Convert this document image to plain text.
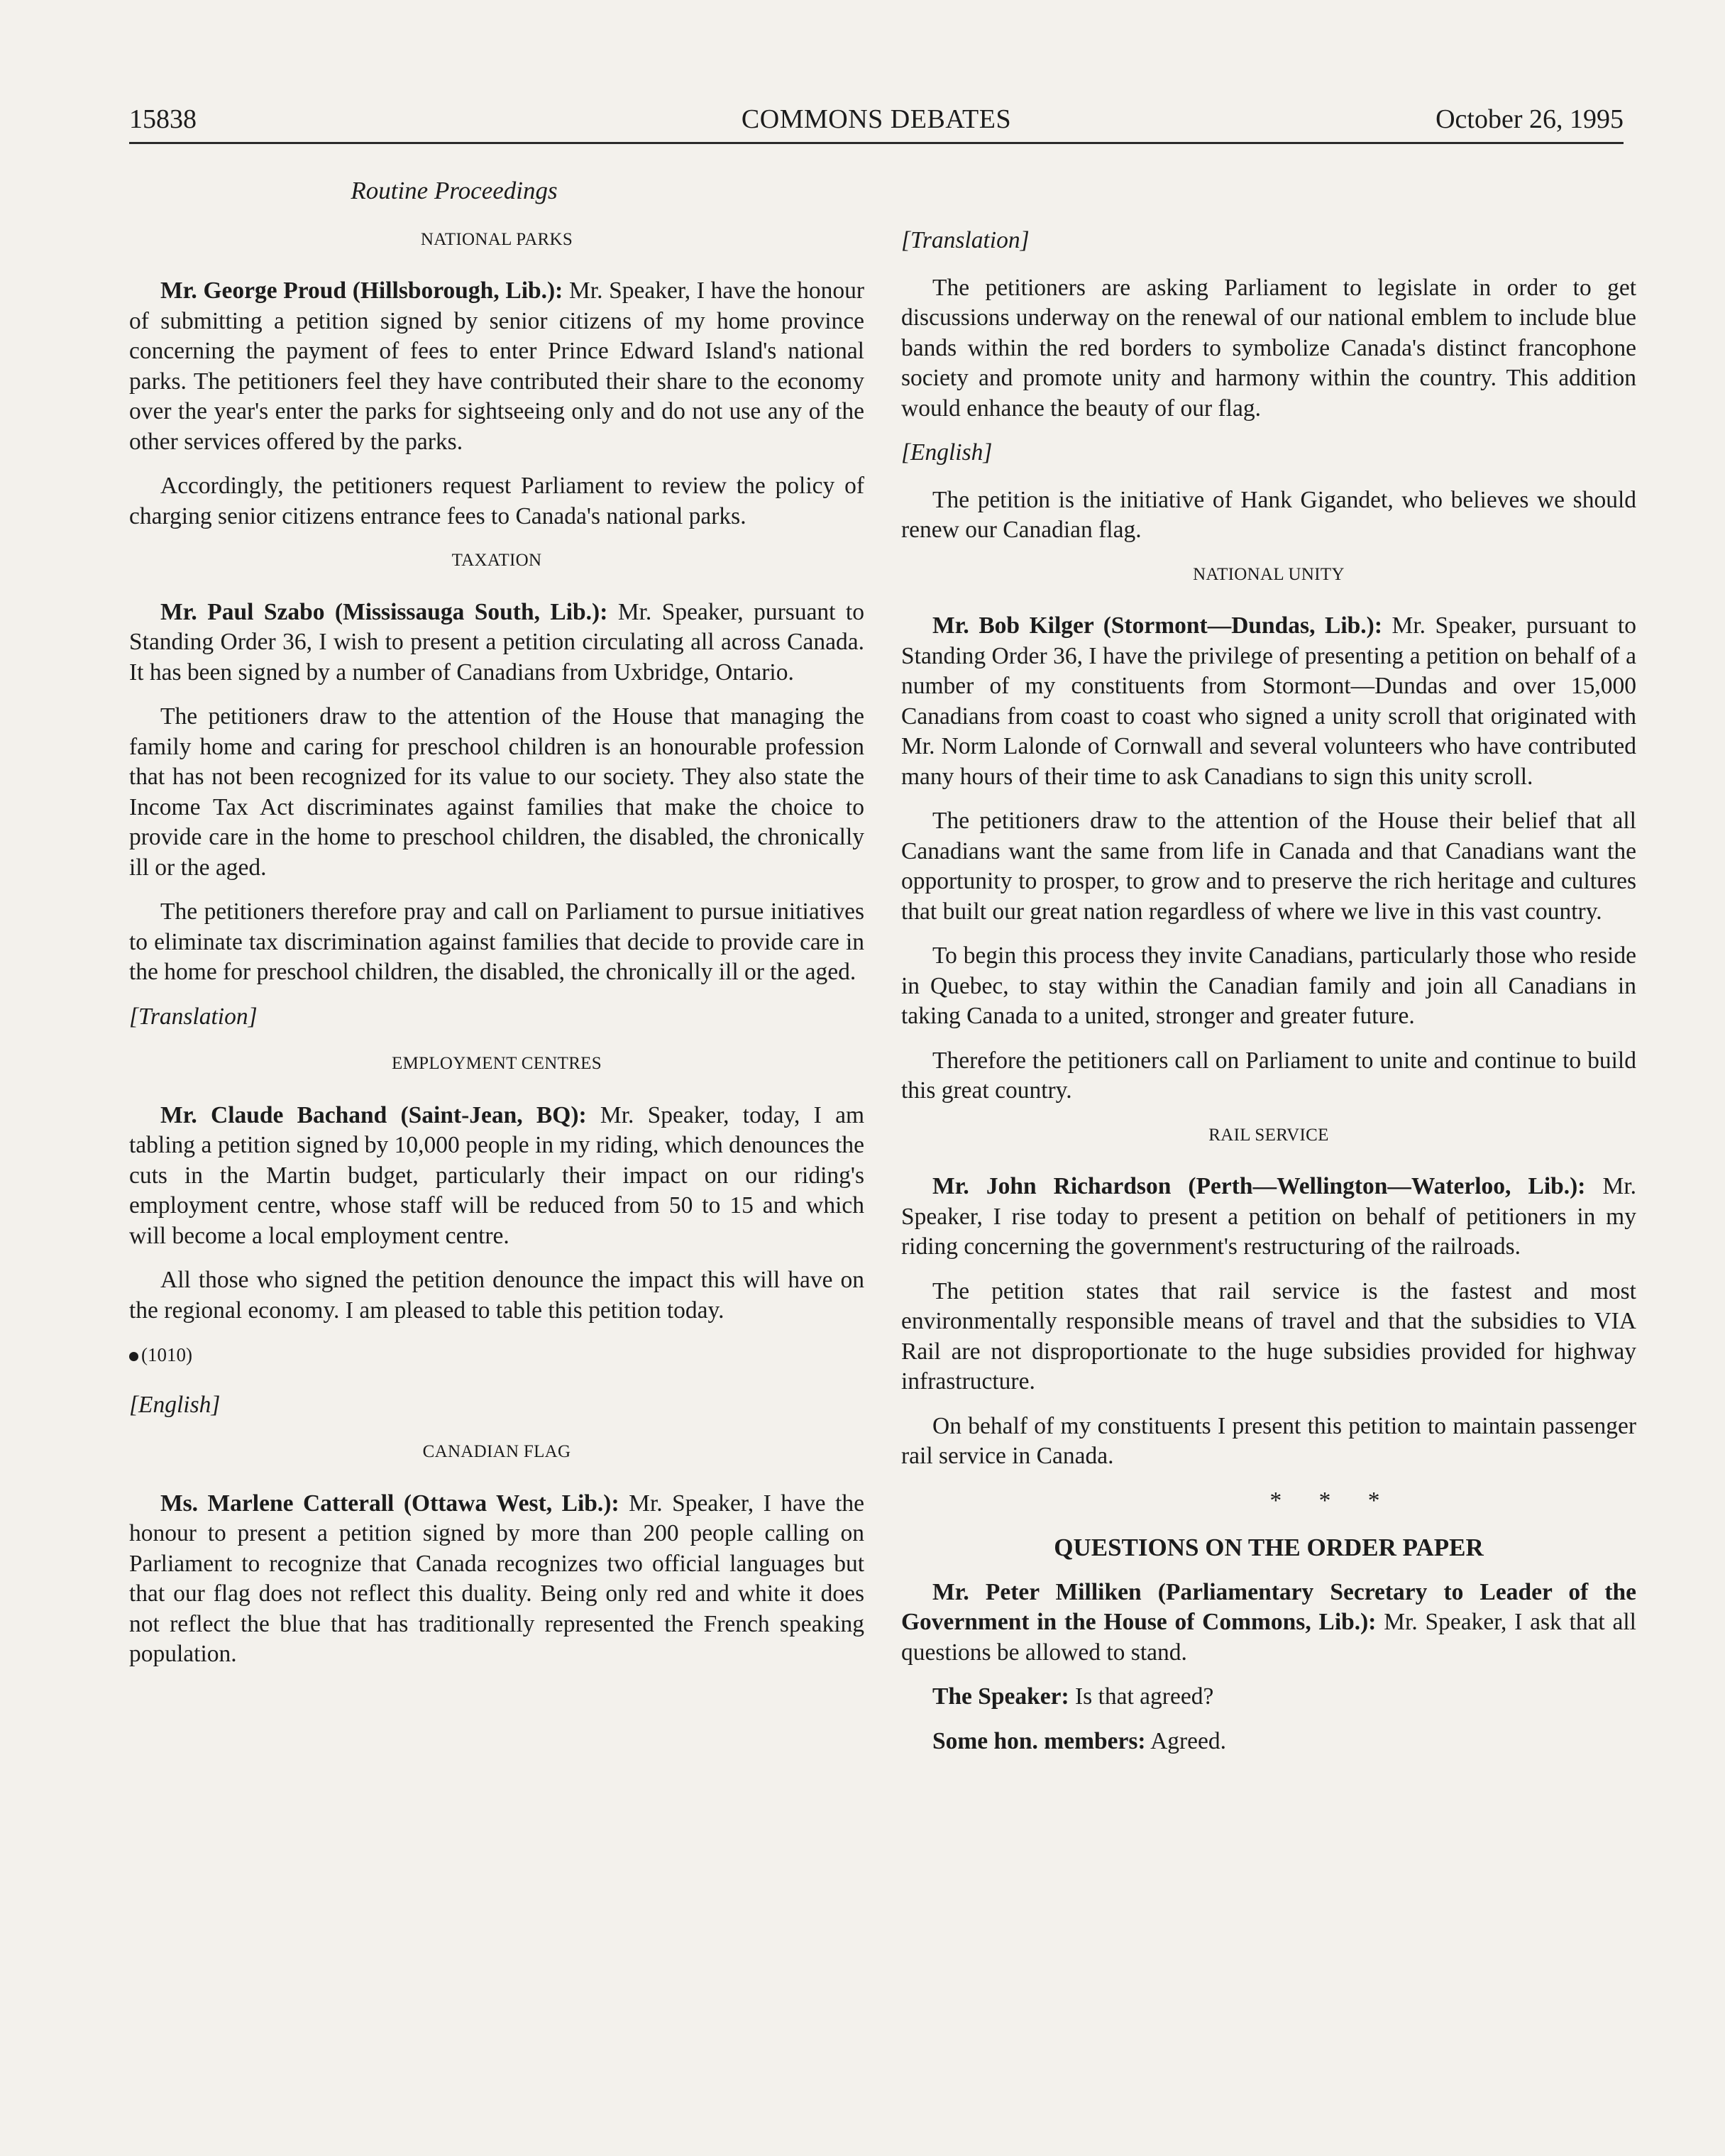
15838	COMMONS DEBATES	October 26, 1995
Routine Proceedings
NATIONAL PARKS

Mr. George Proud (Hillsborough, Lib.): Mr. Speaker, I have the honour of submitting a petition signed by senior citizens of my home province concerning the payment of fees to enter Prince Edward Island's national parks. The petitioners feel they have contributed their share to the economy over the year's enter the parks for sightseeing only and do not use any of the other services offered by the parks.

Accordingly, the petitioners request Parliament to review the policy of charging senior citizens entrance fees to Canada's national parks.

TAXATION

Mr. Paul Szabo (Mississauga South, Lib.): Mr. Speaker, pursuant to Standing Order 36, I wish to present a petition circulating all across Canada. It has been signed by a number of Canadians from Uxbridge, Ontario.

The petitioners draw to the attention of the House that managing the family home and caring for preschool children is an honourable profession that has not been recognized for its value to our society. They also state the Income Tax Act discriminates against families that make the choice to provide care in the home to preschool children, the disabled, the chronically ill or the aged.

The petitioners therefore pray and call on Parliament to pursue initiatives to eliminate tax discrimination against families that decide to provide care in the home for preschool children, the disabled, the chronically ill or the aged.

[Translation]
EMPLOYMENT CENTRES

Mr. Claude Bachand (Saint-Jean, BQ): Mr. Speaker, today, I am tabling a petition signed by 10,000 people in my riding, which denounces the cuts in the Martin budget, particularly their impact on our riding's employment centre, whose staff will be reduced from 50 to 15 and which will become a local employment centre.

All those who signed the petition denounce the impact this will have on the regional economy. I am pleased to table this petition today.

(1010)
[English]
CANADIAN FLAG

Ms. Marlene Catterall (Ottawa West, Lib.): Mr. Speaker, I have the honour to present a petition signed by more than 200 people calling on Parliament to recognize that Canada recognizes two official languages but that our flag does not reflect this duality. Being only red and white it does not reflect the blue that has traditionally represented the French speaking population.

[Translation]

The petitioners are asking Parliament to legislate in order to get discussions underway on the renewal of our national emblem to include blue bands within the red borders to symbolize Canada's distinct francophone society and promote unity and harmony within the country. This addition would enhance the beauty of our flag.

[English]

The petition is the initiative of Hank Gigandet, who believes we should renew our Canadian flag.

NATIONAL UNITY

Mr. Bob Kilger (Stormont—Dundas, Lib.): Mr. Speaker, pursuant to Standing Order 36, I have the privilege of presenting a petition on behalf of a number of my constituents from Stormont—Dundas and over 15,000 Canadians from coast to coast who signed a unity scroll that originated with Mr. Norm Lalonde of Cornwall and several volunteers who have contributed many hours of their time to ask Canadians to sign this unity scroll.

The petitioners draw to the attention of the House their belief that all Canadians want the same from life in Canada and that Canadians want the opportunity to prosper, to grow and to preserve the rich heritage and cultures that built our great nation regardless of where we live in this vast country.

To begin this process they invite Canadians, particularly those who reside in Quebec, to stay within the Canadian family and join all Canadians in taking Canada to a united, stronger and greater future.

Therefore the petitioners call on Parliament to unite and continue to build this great country.

RAIL SERVICE

Mr. John Richardson (Perth—Wellington—Waterloo, Lib.): Mr. Speaker, I rise today to present a petition on behalf of petitioners in my riding concerning the government's restructuring of the railroads.

The petition states that rail service is the fastest and most environmentally responsible means of travel and that the subsidies to VIA Rail are not disproportionate to the huge subsidies provided for highway infrastructure.

On behalf of my constituents I present this petition to maintain passenger rail service in Canada.

* * *
QUESTIONS ON THE ORDER PAPER

Mr. Peter Milliken (Parliamentary Secretary to Leader of the Government in the House of Commons, Lib.): Mr. Speaker, I ask that all questions be allowed to stand.

The Speaker: Is that agreed?

Some hon. members: Agreed.
